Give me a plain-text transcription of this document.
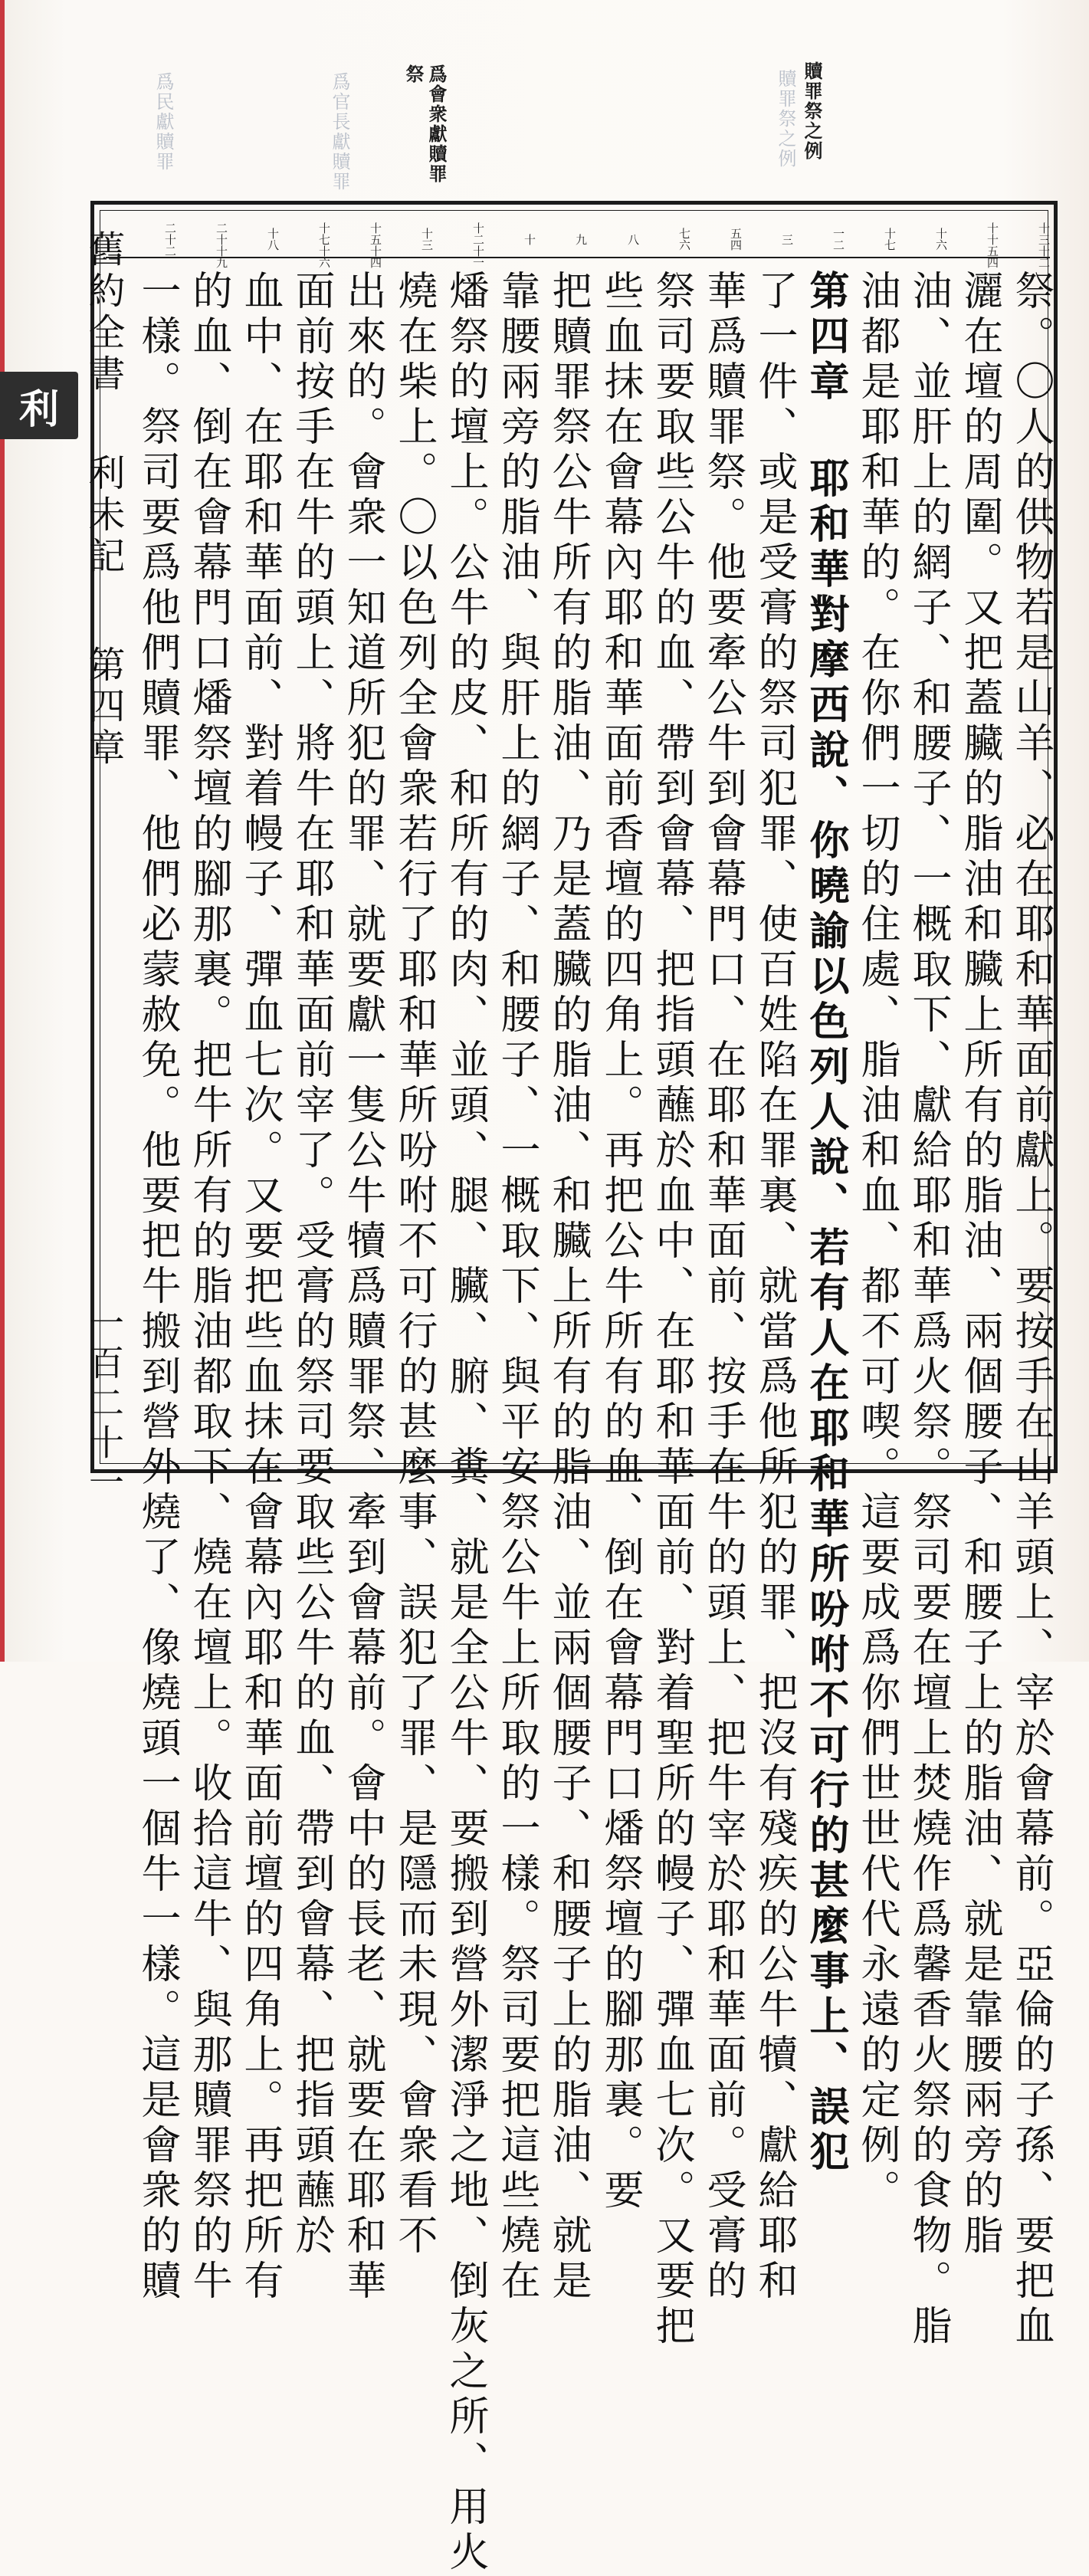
利
贖罪祭之例
爲會衆獻贖罪祭	贖罪祭之例
爲官長獻贖罪
爲民獻贖罪
舊約全書
利未記
第四章
一百二十一
十三十二
十十五四
十六
十七
一二
三
五四
七六
八
九
十
十二十一
十三
十五十四
十七十六
十八
二十十九
二十二
祭。〇人的供物若是山羊、必在耶和華面前獻上。要按手在山羊頭上、宰於會幕前。亞倫的子孫、要把血
灑在壇的周圍。又把蓋臟的脂油和臟上所有的脂油、兩個腰子、和腰子上的脂油、就是靠腰兩旁的脂
油、並肝上的網子、和腰子、一概取下、獻給耶和華爲火祭。祭司要在壇上焚燒作爲馨香火祭的食物。脂
油都是耶和華的。在你們一切的住處、脂油和血、都不可喫。這要成爲你們世世代代永遠的定例。
第四章 耶和華對摩西說、你曉諭以色列人說、若有人在耶和華所吩咐不可行的甚麼事上、誤犯
了一件、或是受膏的祭司犯罪、使百姓陷在罪裏、就當爲他所犯的罪、把沒有殘疾的公牛犢、獻給耶和
華爲贖罪祭。他要牽公牛到會幕門口、在耶和華面前、按手在牛的頭上、把牛宰於耶和華面前。受膏的
祭司要取些公牛的血、帶到會幕、把指頭蘸於血中、在耶和華面前、對着聖所的幔子、彈血七次。又要把
些血抹在會幕內耶和華面前香壇的四角上。再把公牛所有的血、倒在會幕門口燔祭壇的腳那裏。要
把贖罪祭公牛所有的脂油、乃是蓋臟的脂油、和臟上所有的脂油、並兩個腰子、和腰子上的脂油、就是
靠腰兩旁的脂油、與肝上的網子、和腰子、一概取下、與平安祭公牛上所取的一樣。祭司要把這些燒在
燔祭的壇上。公牛的皮、和所有的肉、並頭、腿、臟、腑、糞、就是全公牛、要搬到營外潔淨之地、倒灰之所、用火
燒在柴上。〇以色列全會衆若行了耶和華所吩咐不可行的甚麼事、誤犯了罪、是隱而未現、會衆看不
出來的。會衆一知道所犯的罪、就要獻一隻公牛犢爲贖罪祭、牽到會幕前。會中的長老、就要在耶和華
面前按手在牛的頭上、將牛在耶和華面前宰了。受膏的祭司要取些公牛的血、帶到會幕、把指頭蘸於
血中、在耶和華面前、對着幔子、彈血七次。又要把些血抹在會幕內耶和華面前壇的四角上。再把所有
的血、倒在會幕門口燔祭壇的腳那裏。把牛所有的脂油都取下、燒在壇上。收拾這牛、與那贖罪祭的牛
一樣。祭司要爲他們贖罪、他們必蒙赦免。他要把牛搬到營外燒了、像燒頭一個牛一樣。這是會衆的贖
